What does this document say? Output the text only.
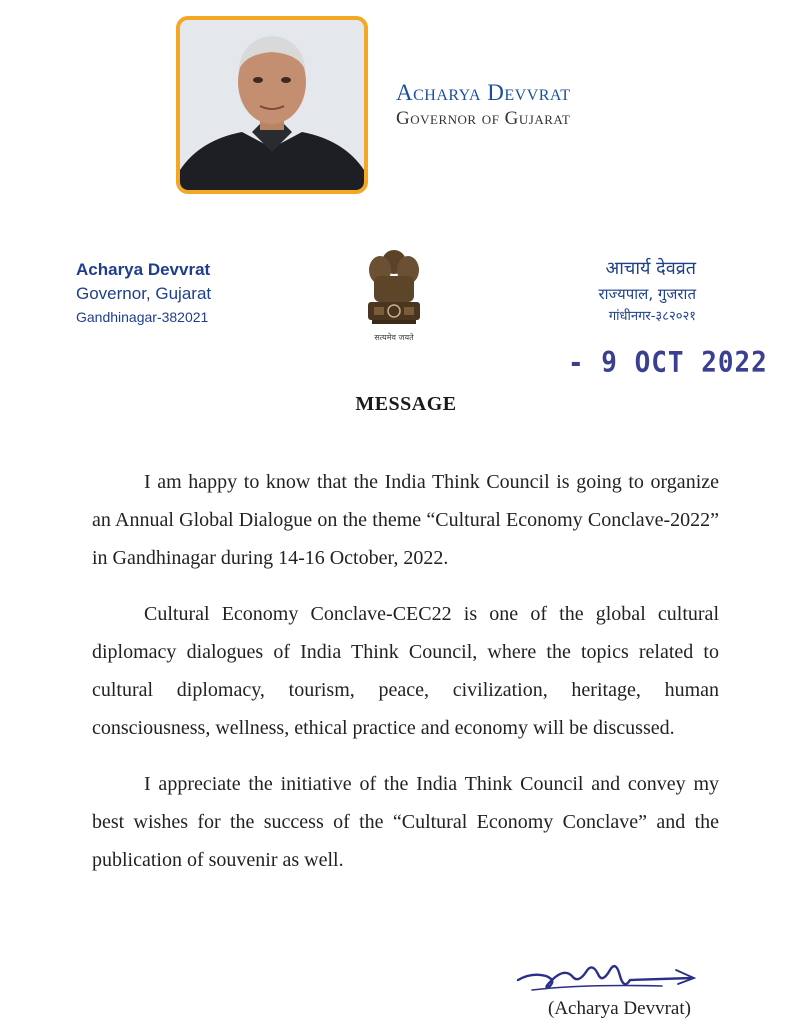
Acharya Devvrat
Governor of Gujarat
Acharya Devvrat
Governor, Gujarat
Gandhinagar-382021
सत्यमेव जयते
आचार्य देवव्रत
राज्यपाल, गुजरात
गांधीनगर-३८२०२१
- 9 OCT 2022
MESSAGE

I am happy to know that the India Think Council is going to organize an Annual Global Dialogue on the theme “Cultural Economy Conclave-2022” in Gandhinagar during 14-16 October, 2022.

Cultural Economy Conclave-CEC22 is one of the global cultural diplomacy dialogues of India Think Council, where the topics related to cultural diplomacy, tourism, peace, civilization, heritage, human consciousness, wellness, ethical practice and economy will be discussed.

I appreciate the initiative of the India Think Council and convey my best wishes for the success of the “Cultural Economy Conclave” and the publication of souvenir as well.

(Acharya Devvrat)
